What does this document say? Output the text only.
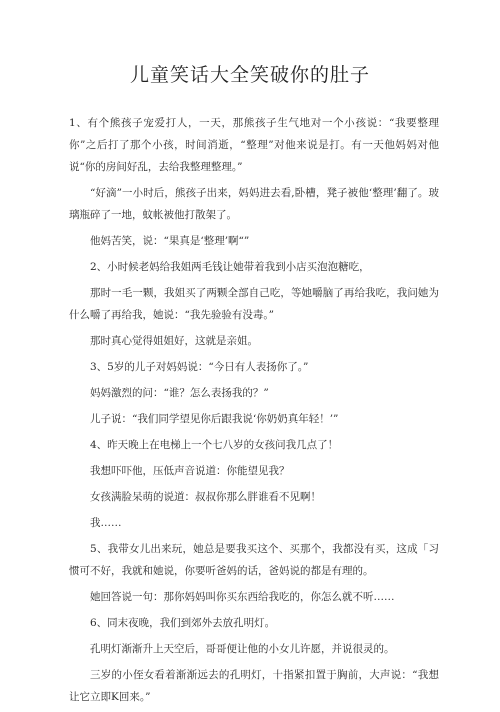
儿童笑话大全笑破你的肚子

1、有个熊孩子宠爱打人，一天，那熊孩子生气地对一个小孩说：“我要整理你”之后打了那个小孩，时间消逝，“整理”对他来说是打。有一天他妈妈对他说“你的房间好乱，去给我整理整理。”

“好滴”一小时后，熊孩子出来，妈妈进去看,卧槽，凳子被他‘整理’翻了。玻璃瓶碎了一地，蚊帐被他打散架了。

他妈苦笑，说：“果真是‘整理’啊“”

2、小时候老妈给我姐两毛钱让她带着我到小店买泡泡糖吃，

那时一毛一颗，我姐买了两颗全部自己吃，等她嚼脑了再给我吃，我问她为什么嚼了再给我，她说：“我先验验有没毒。”

那时真心觉得姐姐好，这就是亲姐。

3、5岁的儿子对妈妈说：“今日有人表扬你了。”

妈妈激烈的问：“谁？怎么表扬我的？”

儿子说：“我们同学望见你后跟我说‘你奶奶真年轻！’”

4、昨天晚上在电梯上一个七八岁的女孩问我几点了！

我想吓吓他，压低声音说道：你能望见我？

女孩满脸呆萌的说道：叔叔你那么胖谁看不见啊！

我……

5、我带女儿出来玩，她总是要我买这个、买那个，我都没有买，这成「习惯可不好，我就和她说，你要听爸妈的话，爸妈说的都是有理的。

她回答说一句：那你妈妈叫你买东西给我吃的，你怎么就不听……

6、同末夜晚，我们到郊外去放孔明灯。

孔明灯渐渐升上天空后，哥哥便让他的小女儿许愿，并说很灵的。

三岁的小侄女看着渐渐远去的孔明灯，十指紧扣置于胸前，大声说：“我想让它立即K回来。”
